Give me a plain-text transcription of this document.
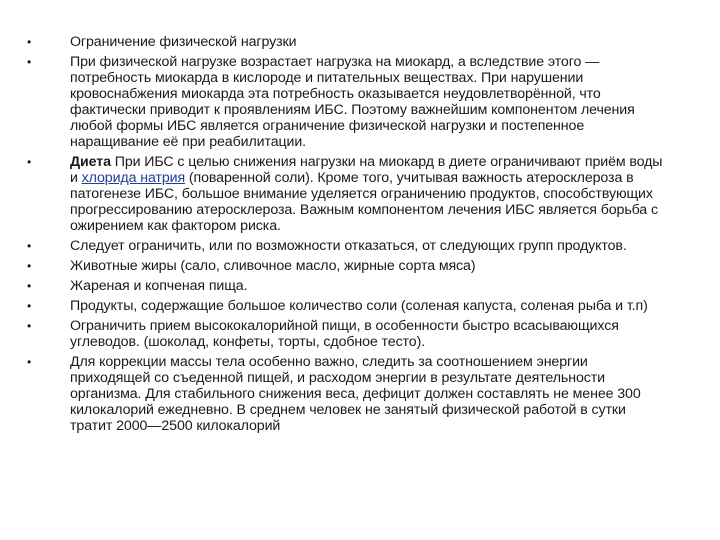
•	Ограничение физической нагрузки
•	При физической нагрузке возрастает нагрузка на миокард, а вследствие этого — потребность миокарда в кислороде и питательных веществах. При нарушении кровоснабжения миокарда эта потребность оказывается неудовлетворённой, что фактически приводит к проявлениям ИБС. Поэтому важнейшим компонентом лечения любой формы ИБС является ограничение физической нагрузки и постепенное наращивание её при реабилитации.
•	Диета При ИБС с целью снижения нагрузки на миокард в диете ограничивают приём воды и хлорида натрия (поваренной соли). Кроме того, учитывая важность атеросклероза в патогенезе ИБС, большое внимание уделяется ограничению продуктов, способствующих прогрессированию атеросклероза. Важным компонентом лечения ИБС является борьба с ожирением как фактором риска.
•	Следует ограничить, или по возможности отказаться, от следующих групп продуктов.
•	Животные жиры (сало, сливочное масло, жирные сорта мяса)
•	Жареная и копченая пища.
•	Продукты, содержащие большое количество соли (соленая капуста, соленая рыба и т.п)
•	Ограничить прием высококалорийной пищи, в особенности быстро всасывающихся углеводов. (шоколад, конфеты, торты, сдобное тесто).
•	Для коррекции массы тела особенно важно, следить за соотношением энергии приходящей со съеденной пищей, и расходом энергии в результате деятельности организма. Для стабильного снижения веса, дефицит должен составлять не менее 300 килокалорий ежедневно. В среднем человек не занятый физической работой в сутки тратит 2000—2500 килокалорий
